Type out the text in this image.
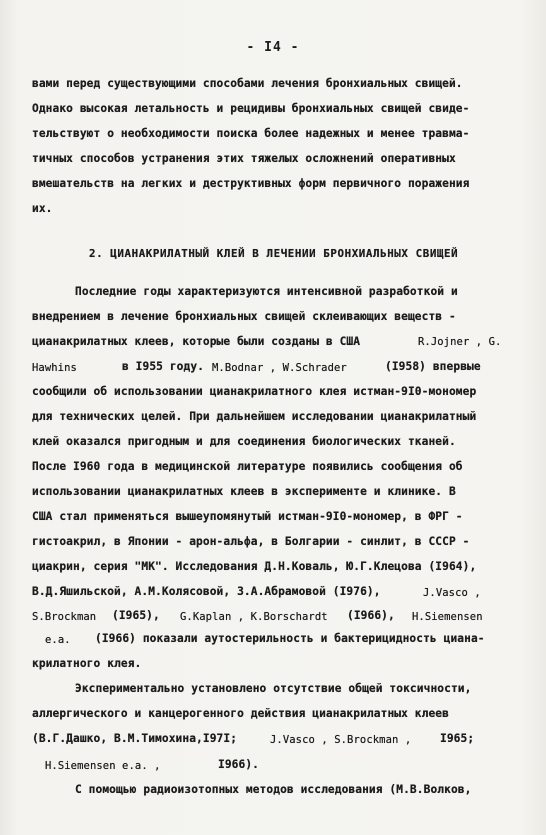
- I4 -
вами перед существующими способами лечения бронхиальных свищей.
Однако высокая летальность и рецидивы бронхиальных свищей свиде-
тельствуют о необходимости поиска более надежных и менее травма-
тичных способов устранения этих тяжелых осложнений оперативных
вмешательств на легких и деструктивных форм первичного поражения
их.
2. ЦИАНАКРИЛАТНЫЙ КЛЕЙ В ЛЕЧЕНИИ БРОНХИАЛЬНЫХ СВИЩЕЙ
Последние годы характеризуются интенсивной разработкой и
внедрением в лечение бронхиальных свищей склеивающих веществ -
цианакрилатных клеев, которые были созданы в США	R.Jojner , G.
Hawhins	в I955 году. M.Bodnar , W.Schrader	(I958) впервые
сообщили об использовании цианакрилатного клея истман-9I0-мономер
для технических целей. При дальнейшем исследовании цианакрилатный
клей оказался пригодным и для соединения биологических тканей.
После I960 года в медицинской литературе появились сообщения об
использовании цианакрилатных клеев в эксперименте и клинике. В
США стал применяться вышеупомянутый истман-9I0-мономер, в ФРГ -
гистоакрил, в Японии - арон-альфа, в Болгарии - синлит, в СССР -
циакрин, серия "МК". Исследования Д.Н.Коваль, Ю.Г.Клецова (I964),
В.Д.Яшильской, А.М.Колясовой, З.А.Абрамовой (I976),	J.Vasco ,
S.Brockman (I965), G.Kaplan , K.Borschardt (I966), H.Siemensen
e.a. (I966) показали аутостерильность и бактерицидность циана-
крилатного клея.
Экспериментально установлено отсутствие общей токсичности,
аллергического и канцерогенного действия цианакрилатных клеев
(В.Г.Дашко, В.М.Тимохина,I97I;	J.Vasco , S.Brockman ,	I965;
H.Siemensen e.a. ,	I966).
С помощью радиоизотопных методов исследования (М.В.Волков,
